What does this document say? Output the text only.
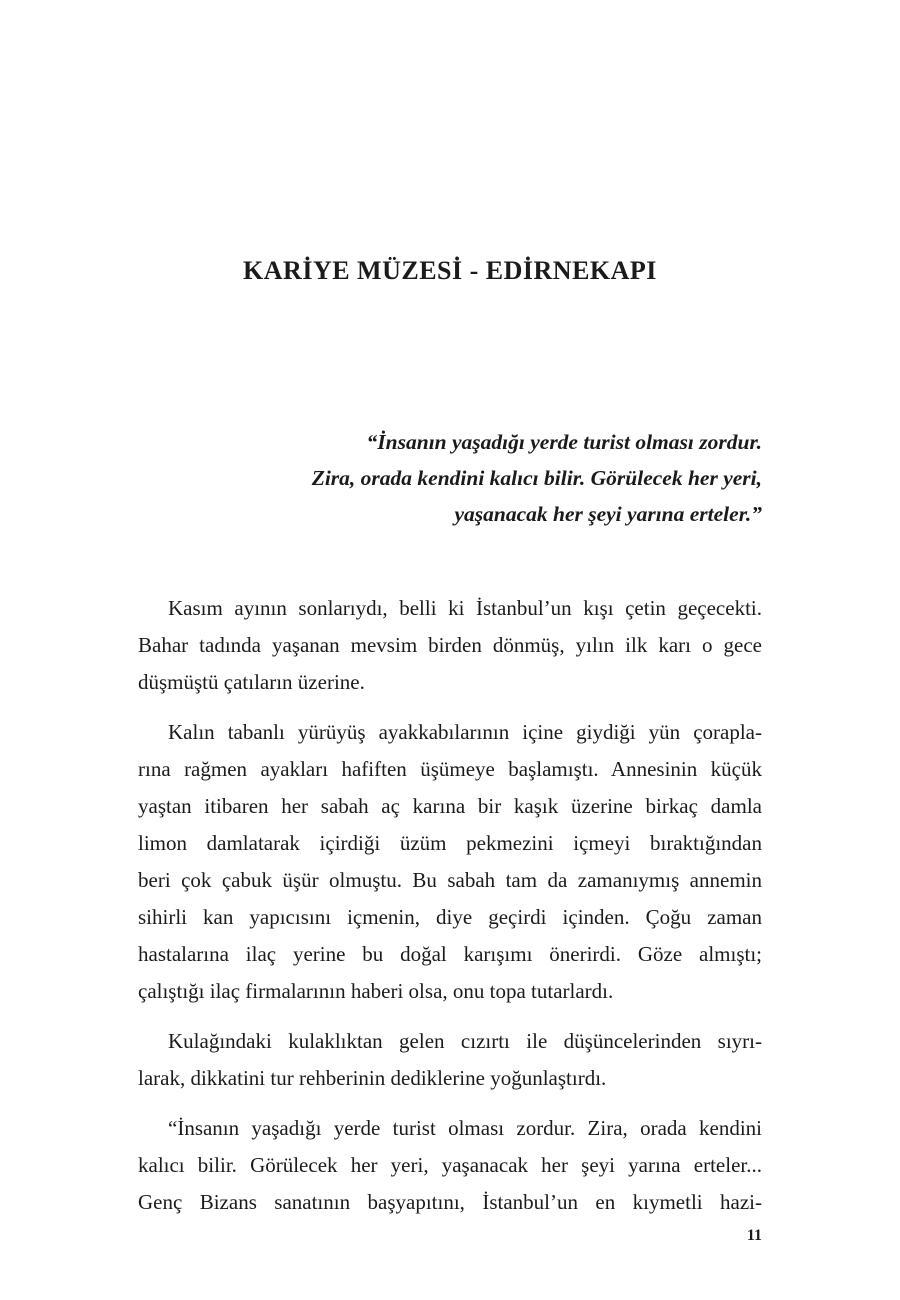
KARİYE MÜZESİ - EDİRNEKAPI
“İnsanın yaşadığı yerde turist olması zordur.
Zira, orada kendini kalıcı bilir. Görülecek her yeri,
yaşanacak her şeyi yarına erteler.”

Kasım ayının sonlarıydı, belli ki İstanbul’un kışı çetin geçecekti.
Bahar tadında yaşanan mevsim birden dönmüş, yılın ilk karı o gece
düşmüştü çatıların üzerine.

Kalın tabanlı yürüyüş ayakkabılarının içine giydiği yün çorapla-
rına rağmen ayakları hafiften üşümeye başlamıştı. Annesinin küçük
yaştan itibaren her sabah aç karına bir kaşık üzerine birkaç damla
limon damlatarak içirdiği üzüm pekmezini içmeyi bıraktığından
beri çok çabuk üşür olmuştu. Bu sabah tam da zamanıymış annemin
sihirli kan yapıcısını içmenin, diye geçirdi içinden. Çoğu zaman
hastalarına ilaç yerine bu doğal karışımı önerirdi. Göze almıştı;
çalıştığı ilaç firmalarının haberi olsa, onu topa tutarlardı.

Kulağındaki kulaklıktan gelen cızırtı ile düşüncelerinden sıyrı-
larak, dikkatini tur rehberinin dediklerine yoğunlaştırdı.

“İnsanın yaşadığı yerde turist olması zordur. Zira, orada kendini
kalıcı bilir. Görülecek her yeri, yaşanacak her şeyi yarına erteler...
Genç Bizans sanatının başyapıtını, İstanbul’un en kıymetli hazi-

11
